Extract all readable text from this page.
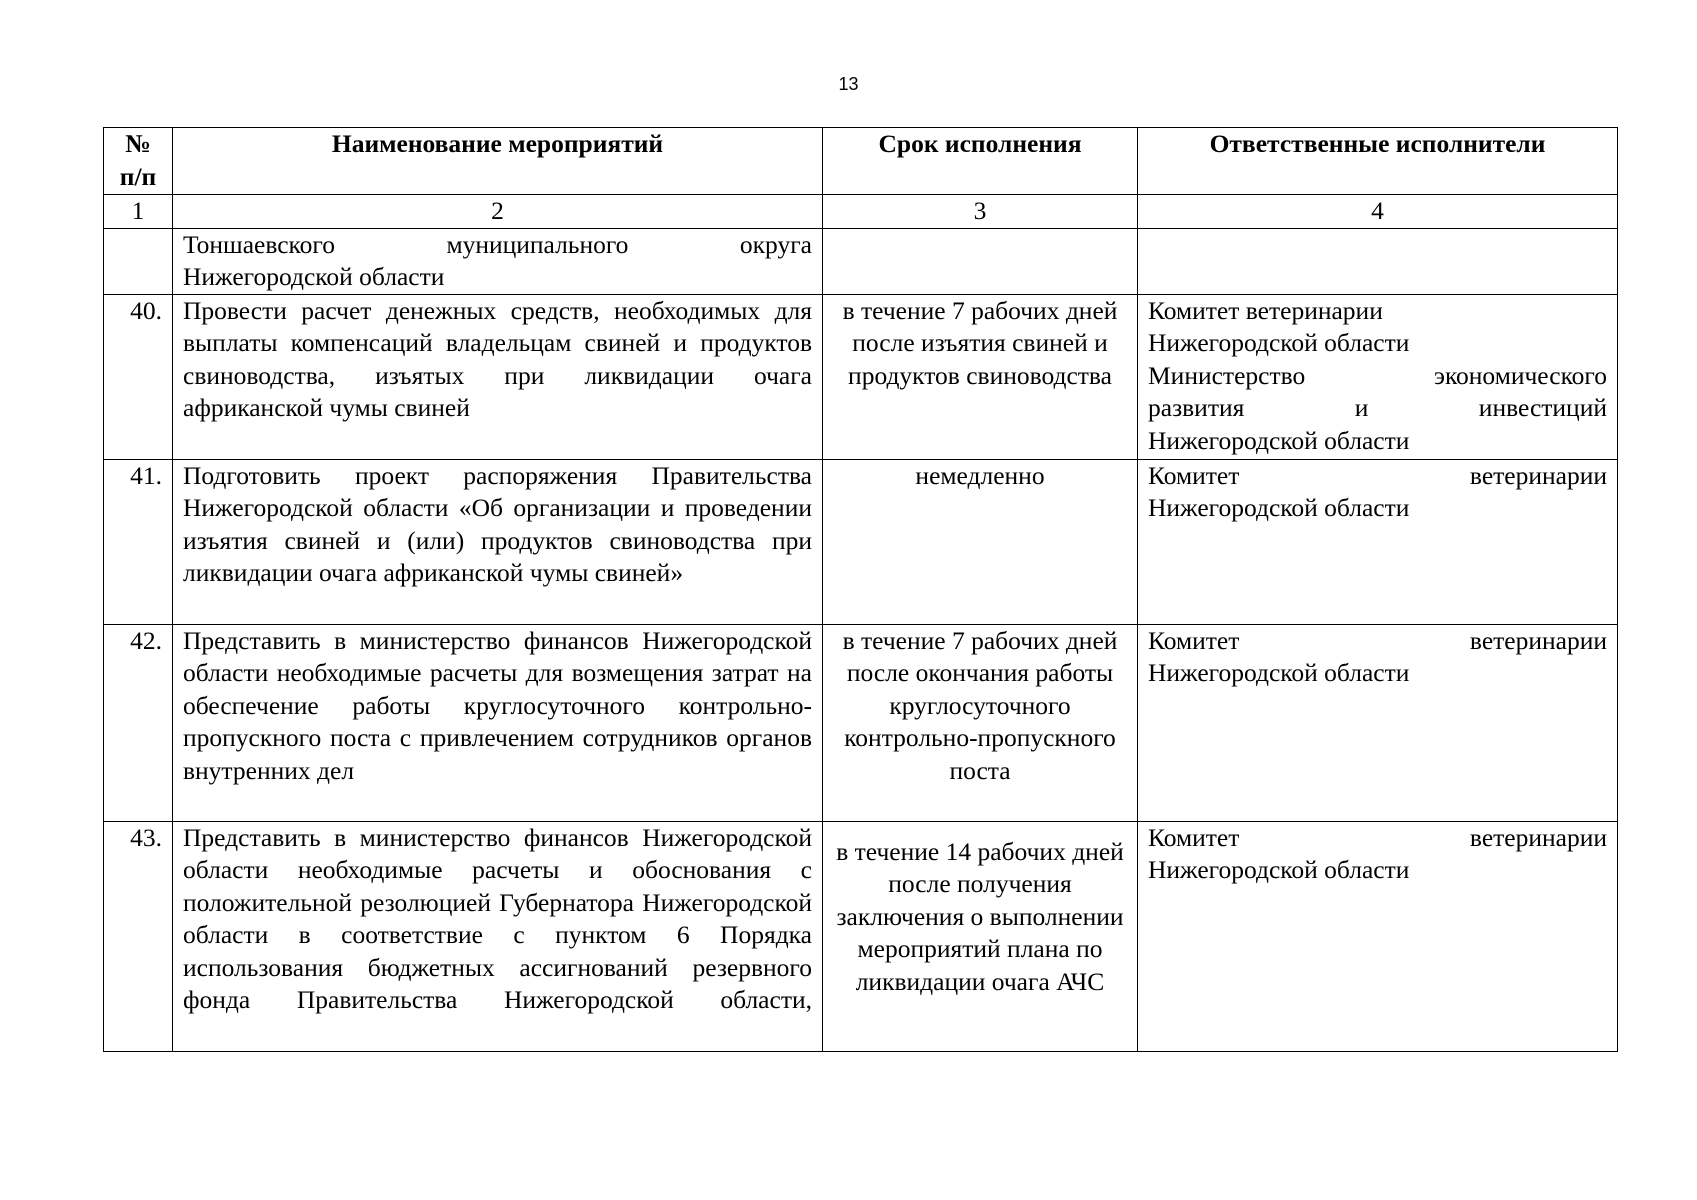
13
№ п/п	Наименование мероприятий	Срок исполнения	Ответственные исполнители
1	2	3	4

	Тоншаевского муниципального округа
Нижегородской области		

40.	Провести расчет денежных средств, необходимых для выплаты компенсаций владельцам свиней и продуктов свиноводства, изъятых при ликвидации очага африканской чумы свиней	в течение 7 рабочих дней после изъятия свиней и продуктов свиноводства	Комитет ветеринарии
Нижегородской области
Министерство экономического
развития и инвестиций
Нижегородской области

41.	Подготовить проект распоряжения Правительства Нижегородской области «Об организации и проведении изъятия свиней и (или) продуктов свиноводства при ликвидации очага африканской чумы свиней»	немедленно	Комитет ветеринарии
Нижегородской области

42.	Представить в министерство финансов Нижегородской области необходимые расчеты для возмещения затрат на обеспечение работы круглосуточного контрольно-пропускного поста с привлечением сотрудников органов внутренних дел	в течение 7 рабочих дней после окончания работы круглосуточного контрольно-пропускного поста	Комитет ветеринарии
Нижегородской области

43.	Представить в министерство финансов Нижегородской области необходимые расчеты и обоснования с положительной резолюцией Губернатора Нижегородской области в соответствие с пунктом 6 Порядка использования бюджетных ассигнований резервного фонда Правительства Нижегородской области,	в течение 14 рабочих дней после получения заключения о выполнении мероприятий плана по ликвидации очага АЧС	Комитет ветеринарии
Нижегородской области
